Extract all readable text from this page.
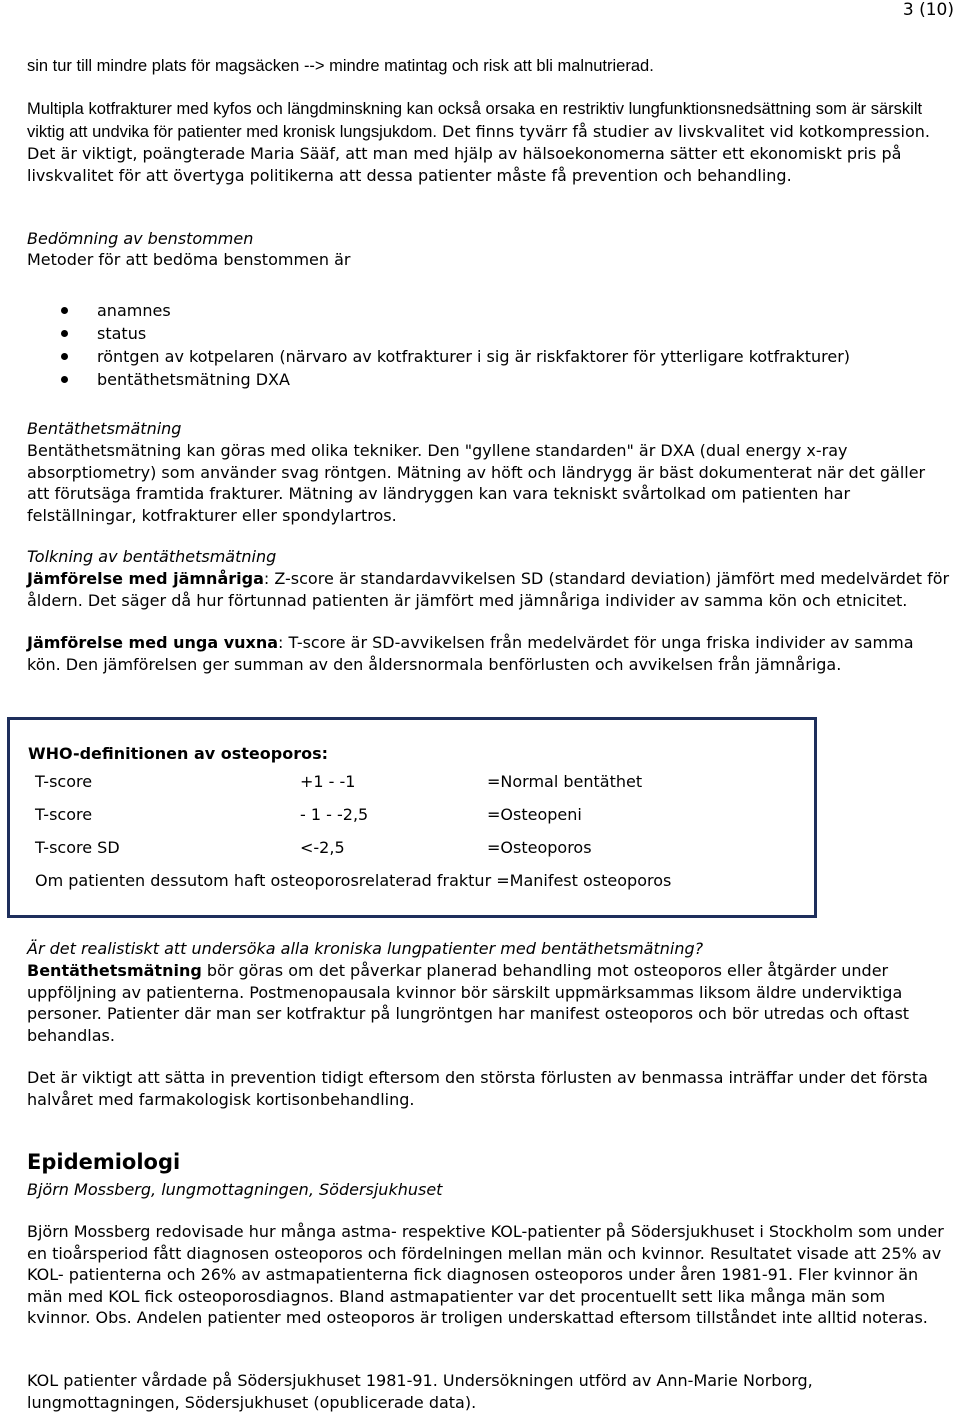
3 (10)

sin tur till mindre plats för magsäcken --> mindre matintag och risk att bli malnutrierad.

Multipla kotfrakturer med kyfos och längdminskning kan också orsaka en restriktiv lungfunktionsnedsättning som är särskilt viktig att undvika för patienter med kronisk lungsjukdom. Det finns tyvärr få studier av livskvalitet vid kotkompression. Det är viktigt, poängterade Maria Sääf, att man med hjälp av hälsoekonomerna sätter ett ekonomiskt pris på livskvalitet för att övertyga politikerna att dessa patienter måste få prevention och behandling.

Bedömning av benstommen

Metoder för att bedöma benstommen är

anamnes
status
röntgen av kotpelaren (närvaro av kotfrakturer i sig är riskfaktorer för ytterligare kotfrakturer)
bentäthetsmätning DXA

Bentäthetsmätning

Bentäthetsmätning kan göras med olika tekniker. Den "gyllene standarden" är DXA (dual energy x-ray absorptiometry) som använder svag röntgen. Mätning av höft och ländrygg är bäst dokumenterat när det gäller att förutsäga framtida frakturer. Mätning av ländryggen kan vara tekniskt svårtolkad om patienten har felställningar, kotfrakturer eller spondylartros.

Tolkning av bentäthetsmätning

Jämförelse med jämnåriga: Z-score är standardavvikelsen SD (standard deviation) jämfört med medelvärdet för åldern. Det säger då hur förtunnad patienten är jämfört med jämnåriga individer av samma kön och etnicitet.

Jämförelse med unga vuxna: T-score är SD-avvikelsen från medelvärdet för unga friska individer av samma kön. Den jämförelsen ger summan av den åldersnormala benförlusten och avvikelsen från jämnåriga.

WHO-definitionen av osteoporos:
T-score	+1 - -1	=Normal bentäthet
T-score	- 1 - -2,5	=Osteopeni
T-score SD	<-2,5	=Osteoporos
Om patienten dessutom haft osteoporosrelaterad fraktur =Manifest osteoporos

Är det realistiskt att undersöka alla kroniska lungpatienter med bentäthetsmätning?

Bentäthetsmätning bör göras om det påverkar planerad behandling mot osteoporos eller åtgärder under uppföljning av patienterna. Postmenopausala kvinnor bör särskilt uppmärksammas liksom äldre underviktiga personer. Patienter där man ser kotfraktur på lungröntgen har manifest osteoporos och bör utredas och oftast behandlas.

Det är viktigt att sätta in prevention tidigt eftersom den största förlusten av benmassa inträffar under det första halvåret med farmakologisk kortisonbehandling.

Epidemiologi

Björn Mossberg, lungmottagningen, Södersjukhuset

Björn Mossberg redovisade hur många astma- respektive KOL-patienter på Södersjukhuset i Stockholm som under en tioårsperiod fått diagnosen osteoporos och fördelningen mellan män och kvinnor. Resultatet visade att 25% av KOL- patienterna och 26% av astmapatienterna fick diagnosen osteoporos under åren 1981-91. Fler kvinnor än män med KOL fick osteoporosdiagnos. Bland astmapatienter var det procentuellt sett lika många män som kvinnor. Obs. Andelen patienter med osteoporos är troligen underskattad eftersom tillståndet inte alltid noteras.

KOL patienter vårdade på Södersjukhuset 1981-91. Undersökningen utförd av Ann-Marie Norborg, lungmottagningen, Södersjukhuset (opublicerade data).
